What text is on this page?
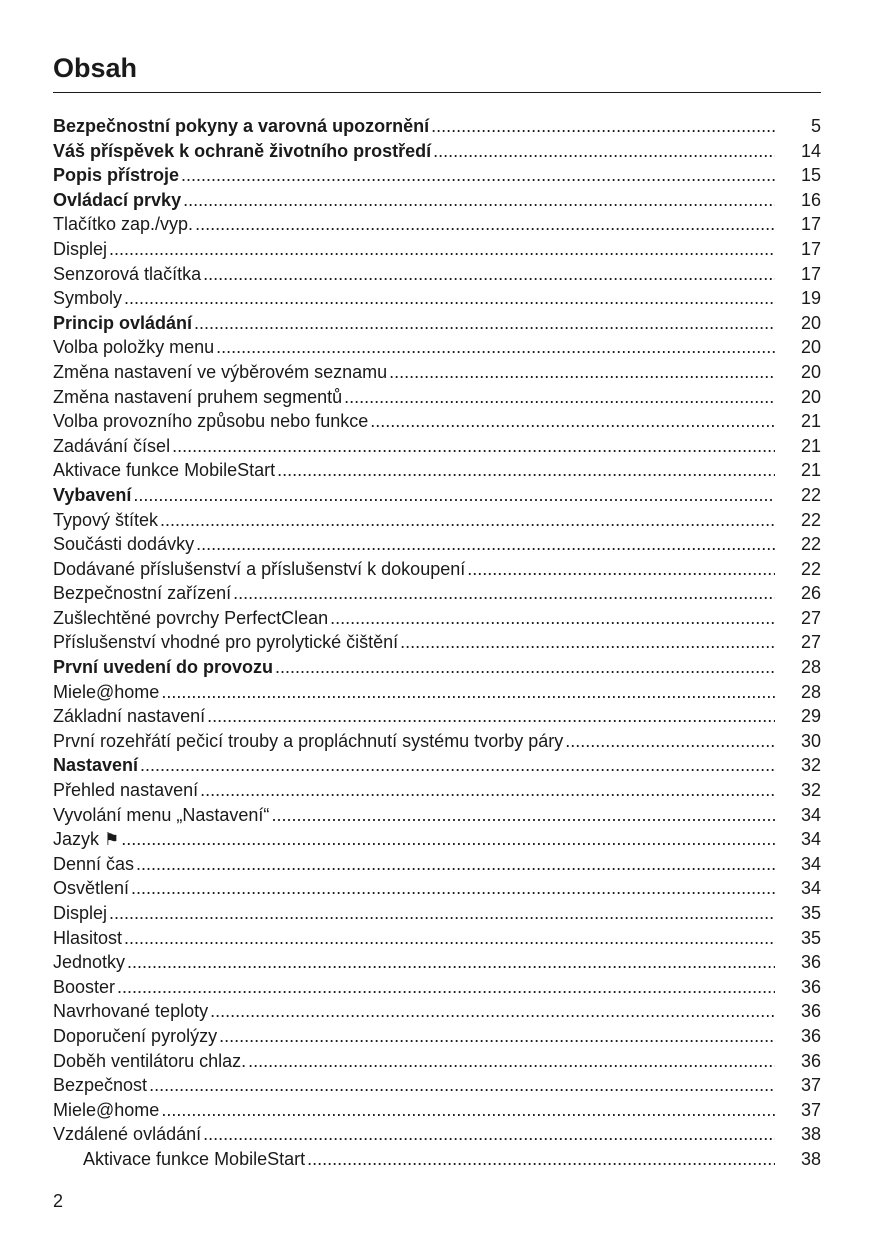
Obsah
Bezpečnostní pokyny a varovná upozornění .....	5
Váš příspěvek k ochraně životního prostředí .....	14
Popis přístroje .....	15
Ovládací prvky .....	16
Tlačítko zap./vyp. .....	17
Displej .....	17
Senzorová tlačítka .....	17
Symboly .....	19
Princip ovládání .....	20
Volba položky menu .....	20
Změna nastavení ve výběrovém seznamu .....	20
Změna nastavení pruhem segmentů .....	20
Volba provozního způsobu nebo funkce .....	21
Zadávání čísel .....	21
Aktivace funkce MobileStart .....	21
Vybavení .....	22
Typový štítek .....	22
Součásti dodávky .....	22
Dodávané příslušenství a příslušenství k dokoupení .....	22
Bezpečnostní zařízení .....	26
Zušlechtěné povrchy PerfectClean .....	27
Příslušenství vhodné pro pyrolytické čištění .....	27
První uvedení do provozu .....	28
Miele@home .....	28
Základní nastavení .....	29
První rozehřátí pečicí trouby a propláchnutí systému tvorby páry .....	30
Nastavení .....	32
Přehled nastavení .....	32
Vyvolání menu „Nastavení“ .....	34
Jazyk ⚑ .....	34
Denní čas .....	34
Osvětlení .....	34
Displej .....	35
Hlasitost .....	35
Jednotky .....	36
Booster .....	36
Navrhované teploty .....	36
Doporučení pyrolýzy .....	36
Doběh ventilátoru chlaz. .....	36
Bezpečnost .....	37
Miele@home .....	37
Vzdálené ovládání .....	38
Aktivace funkce MobileStart .....	38
2
